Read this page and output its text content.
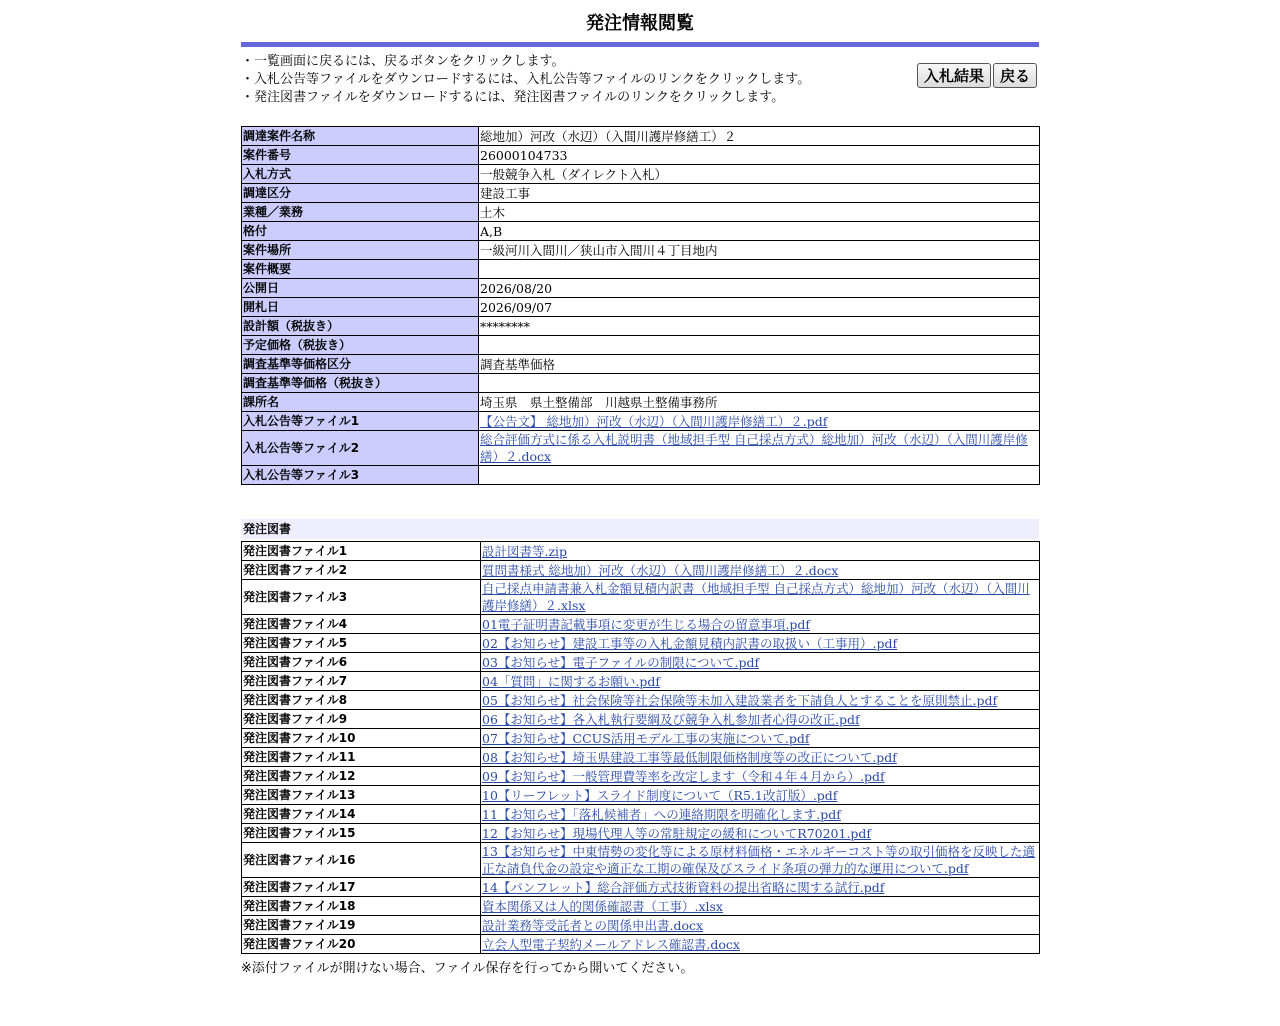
発注情報閲覧
・一覧画面に戻るには、戻るボタンをクリックします。
・入札公告等ファイルをダウンロードするには、入札公告等ファイルのリンクをクリックします。
・発注図書ファイルをダウンロードするには、発注図書ファイルのリンクをクリックします。
入札結果 戻る
調達案件名称	総地加）河改（水辺）（入間川護岸修繕工）２
案件番号	26000104733
入札方式	一般競争入札（ダイレクト入札）
調達区分	建設工事
業種／業務	土木
格付	A,B
案件場所	一級河川入間川／狭山市入間川４丁目地内
案件概要	
公開日	2026/08/20
開札日	2026/09/07
設計額（税抜き）	********
予定価格（税抜き）	
調査基準等価格区分	調査基準価格
調査基準等価格（税抜き）	
課所名	埼玉県　県土整備部　川越県土整備事務所
入札公告等ファイル1	【公告文】 総地加）河改（水辺）（入間川護岸修繕工）２.pdf
入札公告等ファイル2	総合評価方式に係る入札説明書（地域担手型 自己採点方式）総地加）河改（水辺）（入間川護岸修繕）２.docx
入札公告等ファイル3	
発注図書
発注図書ファイル1	設計図書等.zip
発注図書ファイル2	質問書様式 総地加）河改（水辺）（入間川護岸修繕工）２.docx
発注図書ファイル3	自己採点申請書兼入札金額見積内訳書（地域担手型 自己採点方式）総地加）河改（水辺）（入間川護岸修繕）２.xlsx
発注図書ファイル4	01電子証明書記載事項に変更が生じる場合の留意事項.pdf
発注図書ファイル5	02【お知らせ】建設工事等の入札金額見積内訳書の取扱い（工事用）.pdf
発注図書ファイル6	03【お知らせ】電子ファイルの制限について.pdf
発注図書ファイル7	04「質問」に関するお願い.pdf
発注図書ファイル8	05【お知らせ】社会保険等社会保険等未加入建設業者を下請負人とすることを原則禁止.pdf
発注図書ファイル9	06【お知らせ】各入札執行要綱及び競争入札参加者心得の改正.pdf
発注図書ファイル10	07【お知らせ】CCUS活用モデル工事の実施について.pdf
発注図書ファイル11	08【お知らせ】埼玉県建設工事等最低制限価格制度等の改正について.pdf
発注図書ファイル12	09【お知らせ】一般管理費等率を改定します（令和４年４月から）.pdf
発注図書ファイル13	10【リーフレット】スライド制度について（R5.1改訂版）.pdf
発注図書ファイル14	11【お知らせ】「落札候補者」への連絡期限を明確化します.pdf
発注図書ファイル15	12【お知らせ】現場代理人等の常駐規定の緩和についてR70201.pdf
発注図書ファイル16	13【お知らせ】中東情勢の変化等による原材料価格・エネルギーコスト等の取引価格を反映した適正な請負代金の設定や適正な工期の確保及びスライド条項の弾力的な運用について.pdf
発注図書ファイル17	14【パンフレット】総合評価方式技術資料の提出省略に関する試行.pdf
発注図書ファイル18	資本関係又は人的関係確認書（工事）.xlsx
発注図書ファイル19	設計業務等受託者との関係申出書.docx
発注図書ファイル20	立会人型電子契約メールアドレス確認書.docx
※添付ファイルが開けない場合、ファイル保存を行ってから開いてください。
